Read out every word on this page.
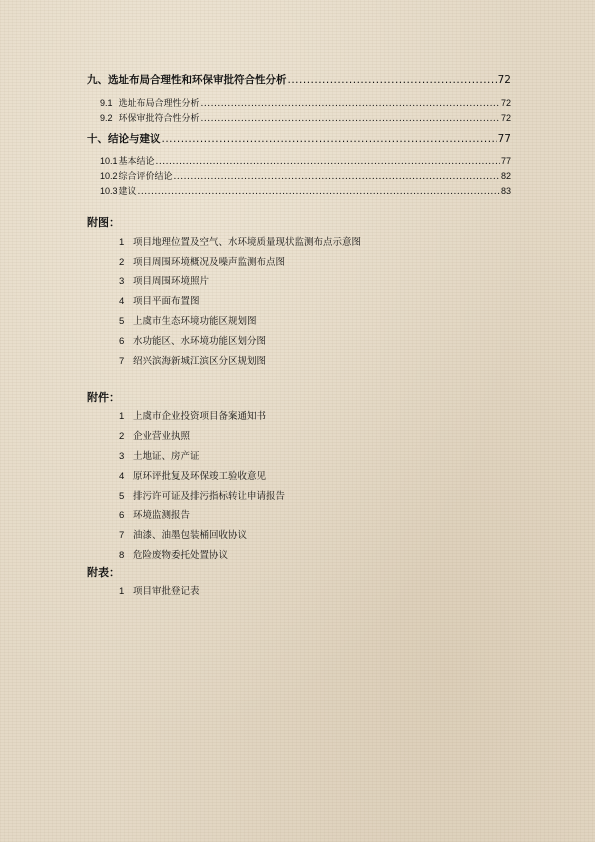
九、 选址布局合理性和环保审批符合性分析 .....	72
9.1 选址布局合理性分析 .....	72
9.2 环保审批符合性分析 .....	72
十、 结论与建议 .....	77
10.1 基本结论 .....	77
10.2 综合评价结论 .....	82
10.3 建议 .....	83
附图：
1 项目地理位置及空气、水环境质量现状监测布点示意图
2 项目周围环境概况及噪声监测布点图
3 项目周围环境照片
4 项目平面布置图
5 上虞市生态环境功能区规划图
6 水功能区、水环境功能区划分图
7 绍兴滨海新城江滨区分区规划图
附件：
1 上虞市企业投资项目备案通知书
2 企业营业执照
3 土地证、房产证
4 原环评批复及环保竣工验收意见
5 排污许可证及排污指标转让申请报告
6 环境监测报告
7 油漆、油墨包装桶回收协议
8 危险废物委托处置协议
附表：
1 项目审批登记表
